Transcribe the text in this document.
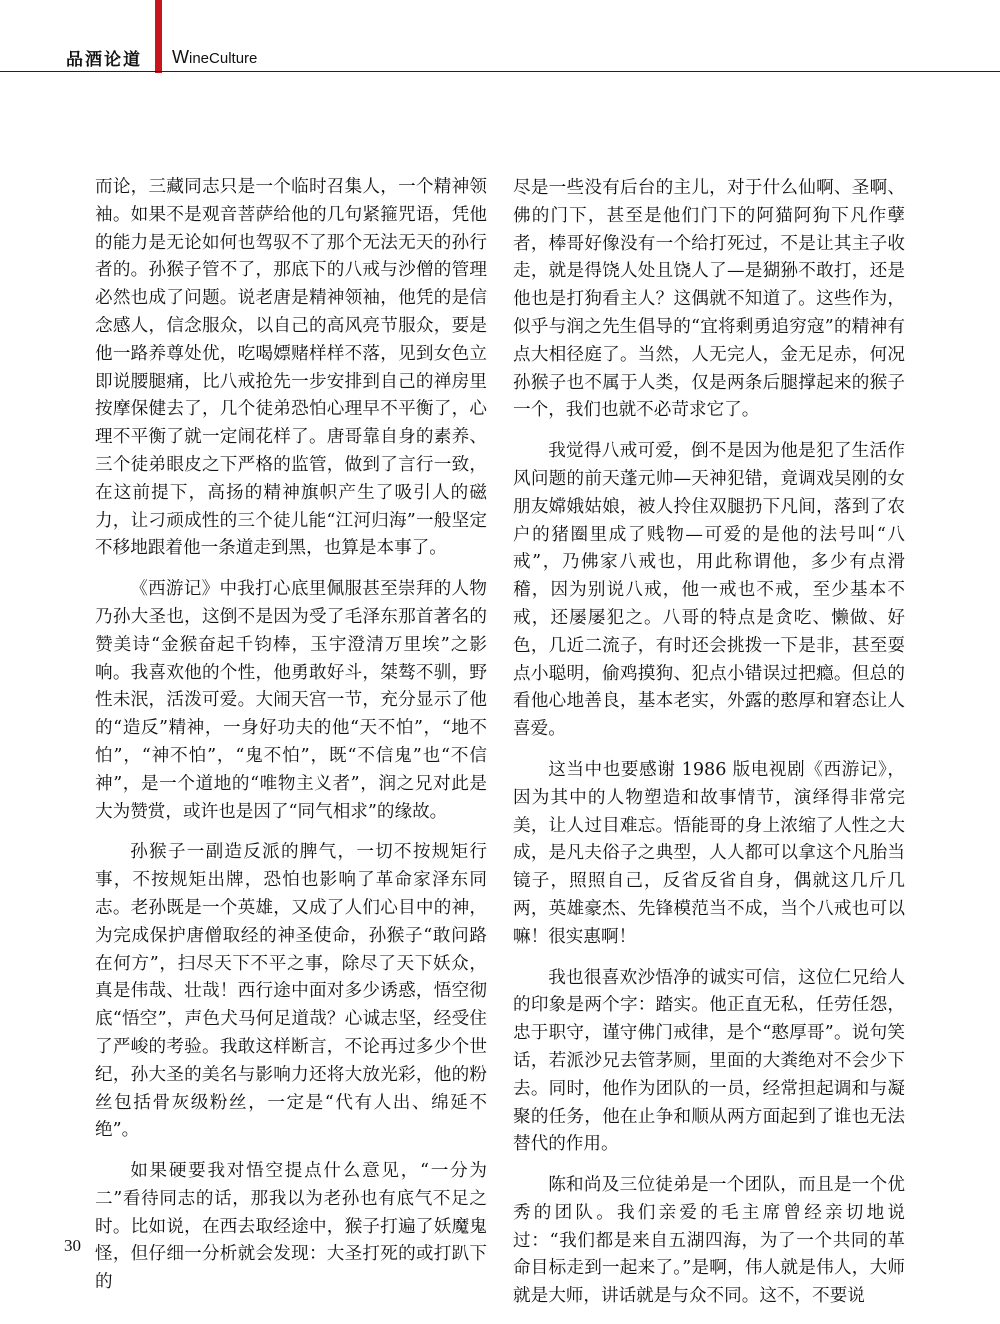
品酒论道 WineCulture

而论，三藏同志只是一个临时召集人，一个精神领袖。如果不是观音菩萨给他的几句紧箍咒语，凭他的能力是无论如何也驾驭不了那个无法无天的孙行者的。孙猴子管不了，那底下的八戒与沙僧的管理必然也成了问题。说老唐是精神领袖，他凭的是信念感人，信念服众，以自己的高风亮节服众，要是他一路养尊处优，吃喝嫖赌样样不落，见到女色立即说腰腿痛，比八戒抢先一步安排到自己的禅房里按摩保健去了，几个徒弟恐怕心理早不平衡了，心理不平衡了就一定闹花样了。唐哥靠自身的素养、三个徒弟眼皮之下严格的监管，做到了言行一致，在这前提下，高扬的精神旗帜产生了吸引人的磁力，让刁顽成性的三个徒儿能“江河归海”一般坚定不移地跟着他一条道走到黑，也算是本事了。

《西游记》中我打心底里佩服甚至崇拜的人物乃孙大圣也，这倒不是因为受了毛泽东那首著名的赞美诗“金猴奋起千钧棒，玉宇澄清万里埃”之影响。我喜欢他的个性，他勇敢好斗，桀骜不驯，野性未泯，活泼可爱。大闹天宫一节，充分显示了他的“造反”精神，一身好功夫的他“天不怕”，“地不怕”，“神不怕”，“鬼不怕”，既“不信鬼”也“不信神”，是一个道地的“唯物主义者”，润之兄对此是大为赞赏，或许也是因了“同气相求”的缘故。

孙猴子一副造反派的脾气，一切不按规矩行事，不按规矩出牌，恐怕也影响了革命家泽东同志。老孙既是一个英雄，又成了人们心目中的神，为完成保护唐僧取经的神圣使命，孙猴子“敢问路在何方”，扫尽天下不平之事，除尽了天下妖众，真是伟哉、壮哉！西行途中面对多少诱惑，悟空彻底“悟空”，声色犬马何足道哉？心诚志坚，经受住了严峻的考验。我敢这样断言，不论再过多少个世纪，孙大圣的美名与影响力还将大放光彩，他的粉丝包括骨灰级粉丝，一定是“代有人出、绵延不绝”。

如果硬要我对悟空提点什么意见，“一分为二”看待同志的话，那我以为老孙也有底气不足之时。比如说，在西去取经途中，猴子打遍了妖魔鬼怪，但仔细一分析就会发现：大圣打死的或打趴下的

尽是一些没有后台的主儿，对于什么仙啊、圣啊、佛的门下，甚至是他们门下的阿猫阿狗下凡作孽者，棒哥好像没有一个给打死过，不是让其主子收走，就是得饶人处且饶人了—是猢狲不敢打，还是他也是打狗看主人？这偶就不知道了。这些作为，似乎与润之先生倡导的“宜将剩勇追穷寇”的精神有点大相径庭了。当然，人无完人，金无足赤，何况孙猴子也不属于人类，仅是两条后腿撑起来的猴子一个，我们也就不必苛求它了。

我觉得八戒可爱，倒不是因为他是犯了生活作风问题的前天蓬元帅—天神犯错，竟调戏吴刚的女朋友嫦娥姑娘，被人拎住双腿扔下凡间，落到了农户的猪圈里成了贱物—可爱的是他的法号叫“八戒”，乃佛家八戒也，用此称谓他，多少有点滑稽，因为别说八戒，他一戒也不戒，至少基本不戒，还屡屡犯之。八哥的特点是贪吃、懒做、好色，几近二流子，有时还会挑拨一下是非，甚至耍点小聪明，偷鸡摸狗、犯点小错误过把瘾。但总的看他心地善良，基本老实，外露的憨厚和窘态让人喜爱。

这当中也要感谢 1986 版电视剧《西游记》，因为其中的人物塑造和故事情节，演绎得非常完美，让人过目难忘。悟能哥的身上浓缩了人性之大成，是凡夫俗子之典型，人人都可以拿这个凡胎当镜子，照照自己，反省反省自身，偶就这几斤几两，英雄豪杰、先锋模范当不成，当个八戒也可以嘛！很实惠啊！

我也很喜欢沙悟净的诚实可信，这位仁兄给人的印象是两个字：踏实。他正直无私，任劳任怨，忠于职守，谨守佛门戒律，是个“憨厚哥”。说句笑话，若派沙兄去管茅厕，里面的大粪绝对不会少下去。同时，他作为团队的一员，经常担起调和与凝聚的任务，他在止争和顺从两方面起到了谁也无法替代的作用。

陈和尚及三位徒弟是一个团队，而且是一个优秀的团队。我们亲爱的毛主席曾经亲切地说过：“我们都是来自五湖四海，为了一个共同的革命目标走到一起来了。”是啊，伟人就是伟人，大师就是大师，讲话就是与众不同。这不，不要说

30
